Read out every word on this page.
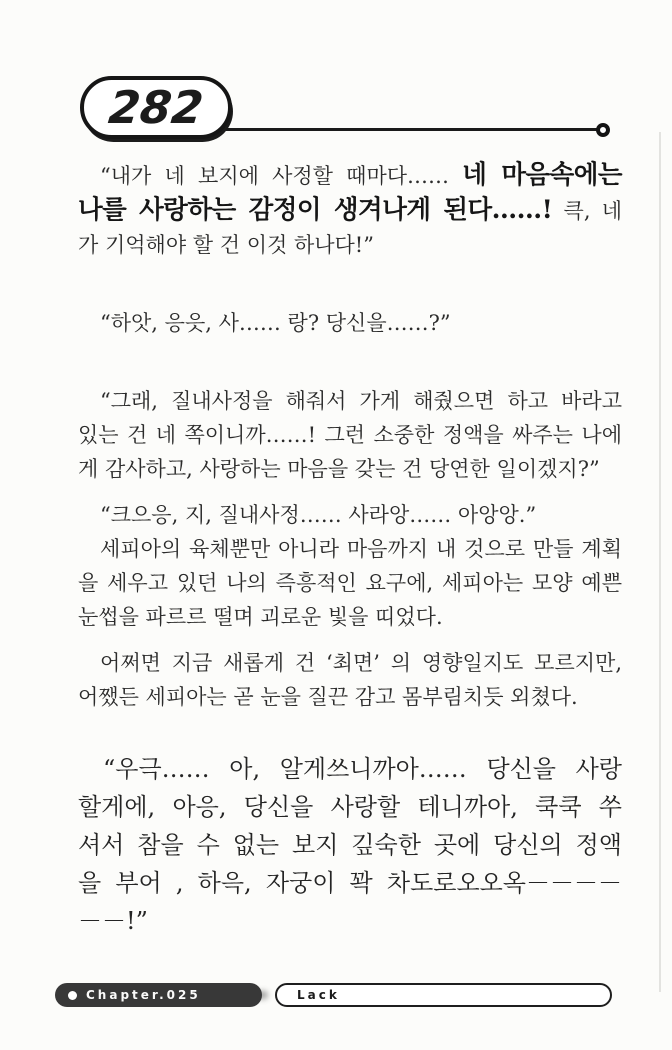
282
“내가 네 보지에 사정할 때마다…… 네 마음속에는
나를 사랑하는 감정이 생겨나게 된다……! 큭, 네
가 기억해야 할 건 이것 하나다!”
“하앗, 응읏, 사…… 랑? 당신을……?”
“그래, 질내사정을 해줘서 가게 해줬으면 하고 바라고
있는 건 네 쪽이니까……! 그런 소중한 정액을 싸주는 나에
게 감사하고, 사랑하는 마음을 갖는 건 당연한 일이겠지?”
“크으응, 지, 질내사정…… 사라앙…… 아앙앙.”
세피아의 육체뿐만 아니라 마음까지 내 것으로 만들 계획
을 세우고 있던 나의 즉흥적인 요구에, 세피아는 모양 예쁜
눈썹을 파르르 떨며 괴로운 빛을 띠었다.
어쩌면 지금 새롭게 건 ‘최면’ 의 영향일지도 모르지만,
어쨌든 세피아는 곧 눈을 질끈 감고 몸부림치듯 외쳤다.
“우극…… 아, 알게쓰니까아…… 당신을 사랑
할게에, 아응, 당신을 사랑할 테니까아, 쿡쿡 쑤
셔서 참을 수 없는 보지 깊숙한 곳에 당신의 정액
을 부어 , 하윽, 자궁이 꽉 차도로오오옥－－－－
－－!”
Chapter.025	Lack
